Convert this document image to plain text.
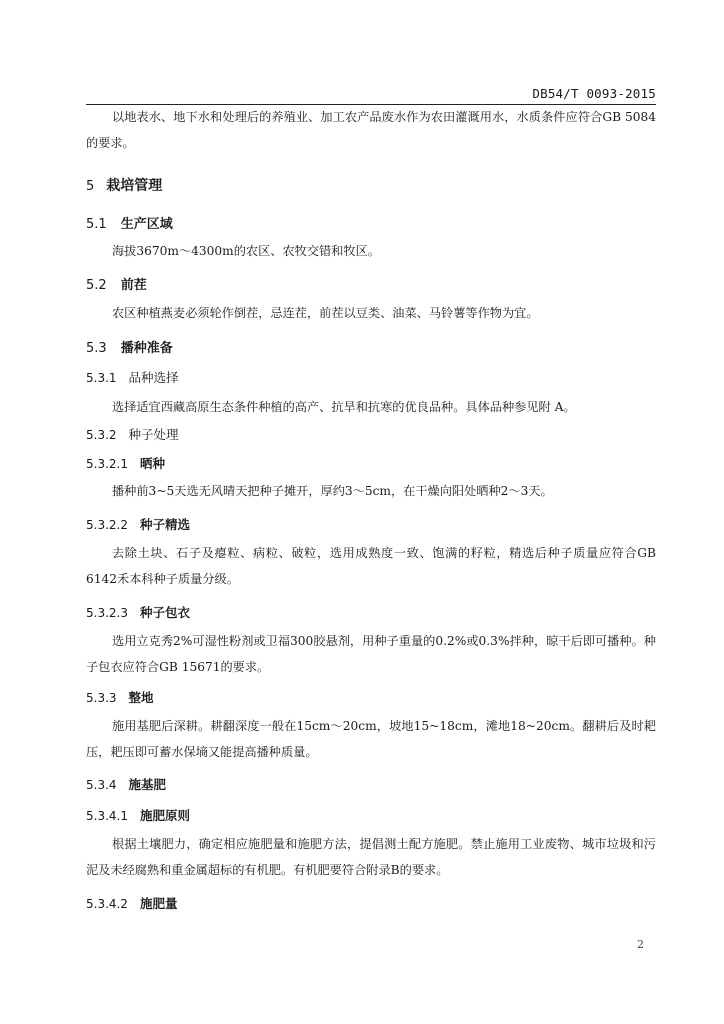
DB54/T 0093-2015
以地表水、地下水和处理后的养殖业、加工农产品废水作为农田灌溉用水，水质条件应符合GB 5084的要求。
5 栽培管理
5.1 生产区域
海拔3670m～4300m的农区、农牧交错和牧区。
5.2 前茬
农区种植燕麦必须轮作倒茬，忌连茬，前茬以豆类、油菜、马铃薯等作物为宜。
5.3 播种准备
5.3.1 品种选择
选择适宜西藏高原生态条件种植的高产、抗旱和抗寒的优良品种。具体品种参见附 A。
5.3.2 种子处理
5.3.2.1 晒种
播种前3~5天选无风晴天把种子摊开，厚约3～5cm，在干燥向阳处晒种2～3天。
5.3.2.2 种子精选
去除土块、石子及瘪粒、病粒、破粒，选用成熟度一致、饱满的籽粒，精选后种子质量应符合GB 6142禾本科种子质量分级。
5.3.2.3 种子包衣
选用立克秀2%可湿性粉剂或卫福300胶悬剂，用种子重量的0.2%或0.3%拌种，晾干后即可播种。种子包衣应符合GB 15671的要求。
5.3.3 整地
施用基肥后深耕。耕翻深度一般在15cm～20cm，坡地15~18cm，滩地18~20cm。翻耕后及时耙压，耙压即可蓄水保墒又能提高播种质量。
5.3.4 施基肥
5.3.4.1 施肥原则
根据土壤肥力，确定相应施肥量和施肥方法，提倡测土配方施肥。禁止施用工业废物、城市垃圾和污泥及未经腐熟和重金属超标的有机肥。有机肥要符合附录B的要求。
5.3.4.2 施肥量
2
